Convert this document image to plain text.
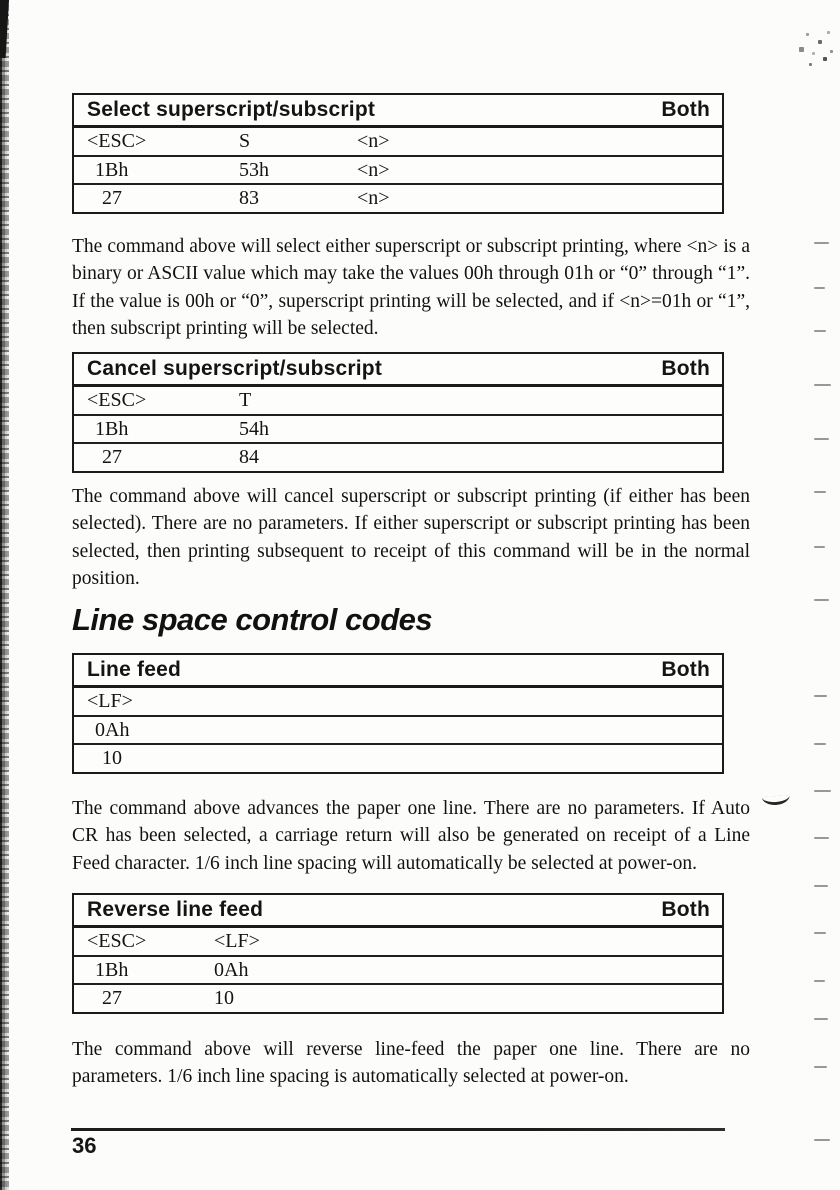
Select superscript/subscript	Both
<ESC>	S	<n>
1Bh	53h	<n>
27	83	<n>

The command above will select either superscript or subscript printing, where <n> is a binary or ASCII value which may take the values 00h through 01h or “0” through “1”. If the value is 00h or “0”, superscript printing will be selected, and if <n>=01h or “1”, then subscript printing will be selected.

Cancel superscript/subscript	Both
<ESC>	T
1Bh	54h
27	84

The command above will cancel superscript or subscript printing (if either has been selected). There are no parameters. If either superscript or subscript printing has been selected, then printing subsequent to receipt of this command will be in the normal position.

Line space control codes
Line feed	Both
<LF>
0Ah
10

The command above advances the paper one line. There are no parameters. If Auto CR has been selected, a carriage return will also be generated on receipt of a Line Feed character. 1/6 inch line spacing will automatically be selected at power-on.

Reverse line feed	Both
<ESC>	<LF>
1Bh	0Ah
27	10

The command above will reverse line-feed the paper one line. There are no parameters. 1/6 inch line spacing is automatically selected at power-on.

36
